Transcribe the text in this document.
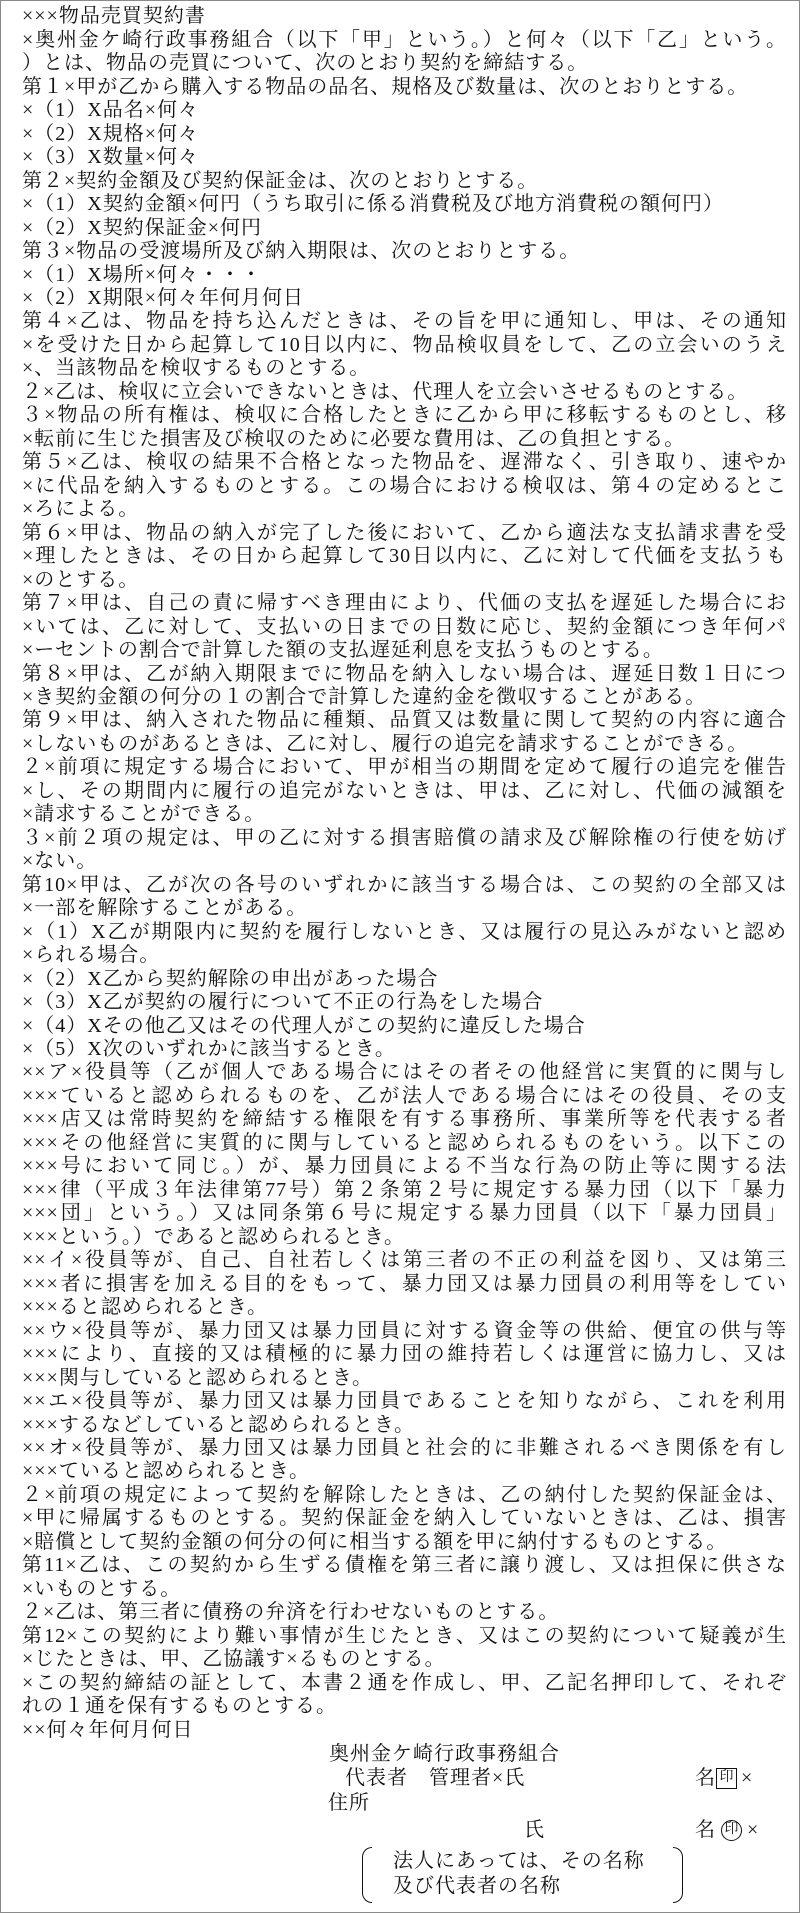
×××物品売買契約書
×奥州金ケ崎行政事務組合（以下「甲」という。）と何々（以下「乙」という。
）とは、物品の売買について、次のとおり契約を締結する。
第１×甲が乙から購入する物品の品名、規格及び数量は、次のとおりとする。
×（1）X品名×何々
×（2）X規格×何々
×（3）X数量×何々
第２×契約金額及び契約保証金は、次のとおりとする。
×（1）X契約金額×何円（うち取引に係る消費税及び地方消費税の額何円）
×（2）X契約保証金×何円
第３×物品の受渡場所及び納入期限は、次のとおりとする。
×（1）X場所×何々・・・
×（2）X期限×何々年何月何日
第４×乙は、物品を持ち込んだときは、その旨を甲に通知し、甲は、その通知
×を受けた日から起算して10日以内に、物品検収員をして、乙の立会いのうえ
×、当該物品を検収するものとする。
２×乙は、検収に立会いできないときは、代理人を立会いさせるものとする。
３×物品の所有権は、検収に合格したときに乙から甲に移転するものとし、移
×転前に生じた損害及び検収のために必要な費用は、乙の負担とする。
第５×乙は、検収の結果不合格となった物品を、遅滞なく、引き取り、速やか
×に代品を納入するものとする。この場合における検収は、第４の定めるとこ
×ろによる。
第６×甲は、物品の納入が完了した後において、乙から適法な支払請求書を受
×理したときは、その日から起算して30日以内に、乙に対して代価を支払うも
×のとする。
第７×甲は、自己の責に帰すべき理由により、代価の支払を遅延した場合にお
×いては、乙に対して、支払いの日までの日数に応じ、契約金額につき年何パ
×ーセントの割合で計算した額の支払遅延利息を支払うものとする。
第８×甲は、乙が納入期限までに物品を納入しない場合は、遅延日数１日につ
×き契約金額の何分の１の割合で計算した違約金を徴収することがある。
第９×甲は、納入された物品に種類、品質又は数量に関して契約の内容に適合
×しないものがあるときは、乙に対し、履行の追完を請求することができる。
２×前項に規定する場合において、甲が相当の期間を定めて履行の追完を催告
×し、その期間内に履行の追完がないときは、甲は、乙に対し、代価の減額を
×請求することができる。
３×前２項の規定は、甲の乙に対する損害賠償の請求及び解除権の行使を妨げ
×ない。
第10×甲は、乙が次の各号のいずれかに該当する場合は、この契約の全部又は
×一部を解除することがある。
×（1）X乙が期限内に契約を履行しないとき、又は履行の見込みがないと認め
×られる場合。
×（2）X乙から契約解除の申出があった場合
×（3）X乙が契約の履行について不正の行為をした場合
×（4）Xその他乙又はその代理人がこの契約に違反した場合
×（5）X次のいずれかに該当するとき。
××ア×役員等（乙が個人である場合にはその者その他経営に実質的に関与し
×××ていると認められるものを、乙が法人である場合にはその役員、その支
×××店又は常時契約を締結する権限を有する事務所、事業所等を代表する者
×××その他経営に実質的に関与していると認められるものをいう。以下この
×××号において同じ。）が、暴力団員による不当な行為の防止等に関する法
×××律（平成３年法律第77号）第２条第２号に規定する暴力団（以下「暴力
×××団」という。）又は同条第６号に規定する暴力団員（以下「暴力団員」
×××という。）であると認められるとき。
××イ×役員等が、自己、自社若しくは第三者の不正の利益を図り、又は第三
×××者に損害を加える目的をもって、暴力団又は暴力団員の利用等をしてい
×××ると認められるとき。
××ウ×役員等が、暴力団又は暴力団員に対する資金等の供給、便宜の供与等
×××により、直接的又は積極的に暴力団の維持若しくは運営に協力し、又は
×××関与していると認められるとき。
××エ×役員等が、暴力団又は暴力団員であることを知りながら、これを利用
×××するなどしていると認められるとき。
××オ×役員等が、暴力団又は暴力団員と社会的に非難されるべき関係を有し
×××ていると認められるとき。
２×前項の規定によって契約を解除したときは、乙の納付した契約保証金は、
×甲に帰属するものとする。契約保証金を納入していないときは、乙は、損害
×賠償として契約金額の何分の何に相当する額を甲に納付するものとする。
第11×乙は、この契約から生ずる債権を第三者に譲り渡し、又は担保に供さな
×いものとする。
２×乙は、第三者に債務の弁済を行わせないものとする。
第12×この契約により難い事情が生じたとき、又はこの契約について疑義が生
×じたときは、甲、乙協議す×るものとする。
×この契約締結の証として、本書２通を作成し、甲、乙記名押印して、それぞ
れの１通を保有するものとする。
××何々年何月何日
奥州金ケ崎行政事務組合
代表者　管理者×氏	名 印 ×
住所
氏	名 印 ×
法人にあっては、その名称
及び代表者の名称
